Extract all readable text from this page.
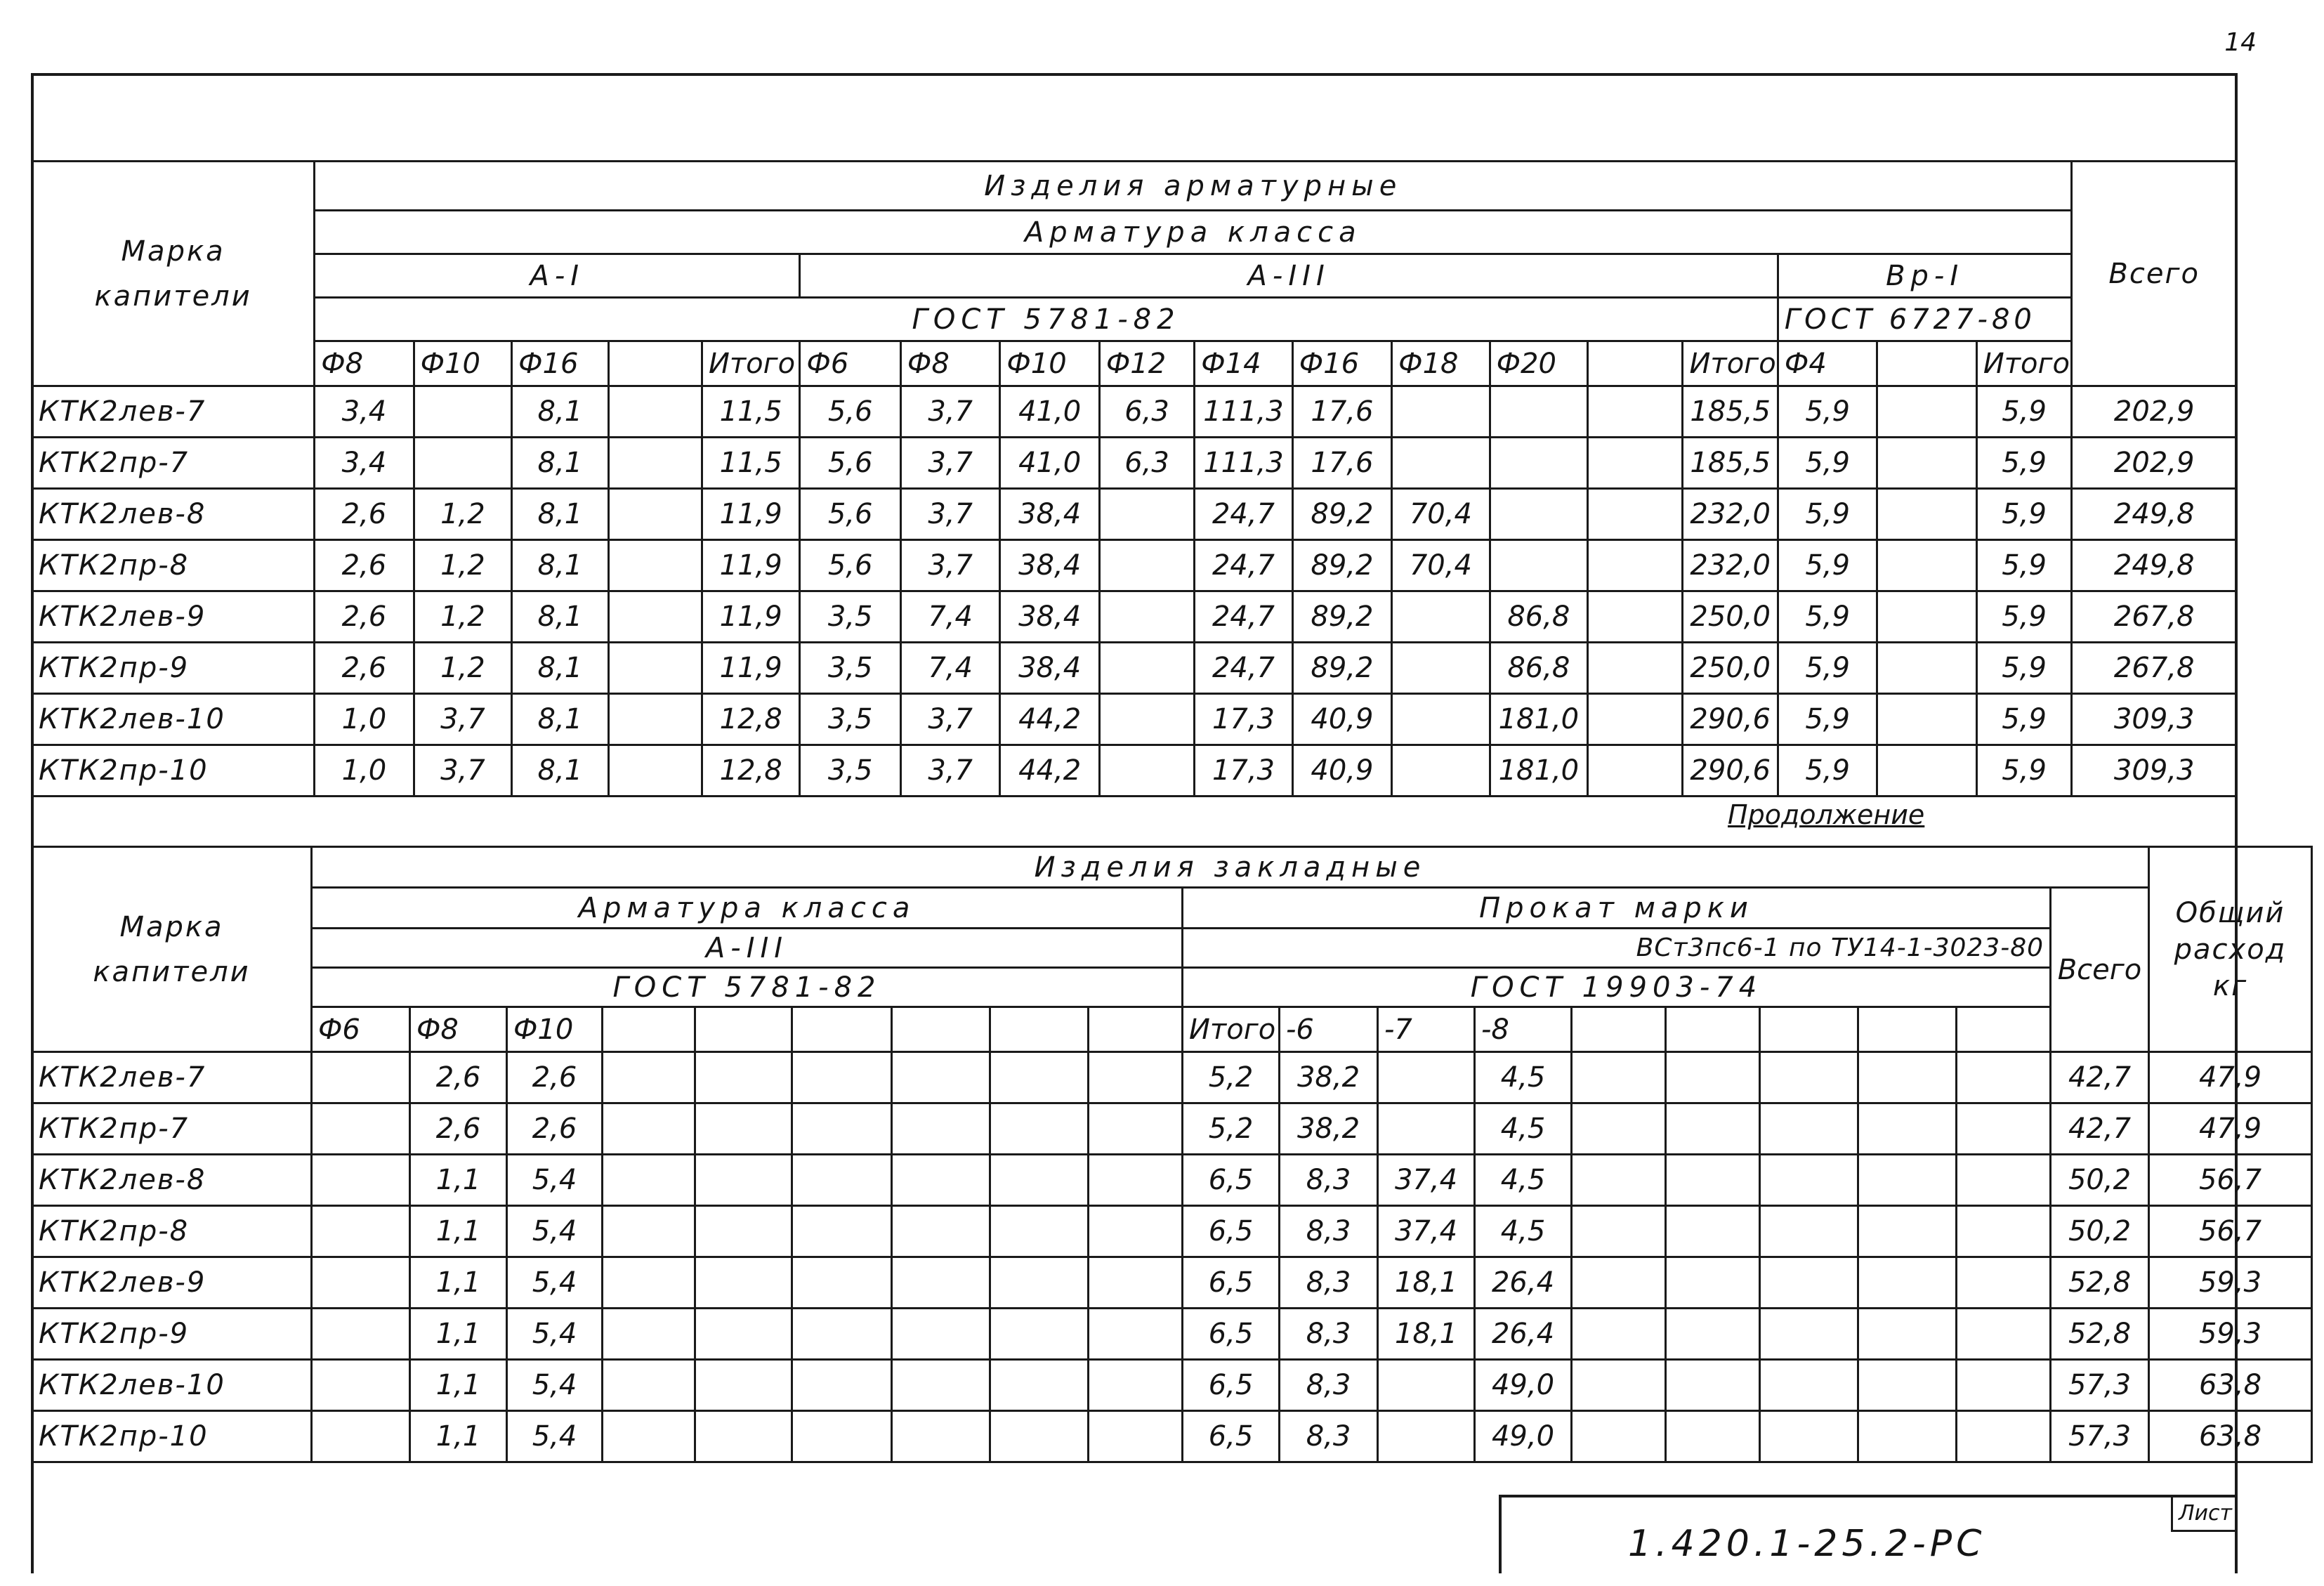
14
Марка капители	Изделия арматурные																		Всего
	Арматура класса																		
	А-I					А-III										Вр-I			
	ГОСТ 5781-82															ГОСТ 6727-80			
	Ф8	Ф10	Ф16		Итого	Ф6	Ф8	Ф10	Ф12	Ф14	Ф16	Ф18	Ф20		Итого	Ф4		Итого	
КТК2лев-7	3,4		8,1		11,5	5,6	3,7	41,0	6,3	111,3	17,6				185,5	5,9		5,9	202,9
КТК2пр-7	3,4		8,1		11,5	5,6	3,7	41,0	6,3	111,3	17,6				185,5	5,9		5,9	202,9
КТК2лев-8	2,6	1,2	8,1		11,9	5,6	3,7	38,4		24,7	89,2	70,4			232,0	5,9		5,9	249,8
КТК2пр-8	2,6	1,2	8,1		11,9	5,6	3,7	38,4		24,7	89,2	70,4			232,0	5,9		5,9	249,8
КТК2лев-9	2,6	1,2	8,1		11,9	3,5	7,4	38,4		24,7	89,2		86,8		250,0	5,9		5,9	267,8
КТК2пр-9	2,6	1,2	8,1		11,9	3,5	7,4	38,4		24,7	89,2		86,8		250,0	5,9		5,9	267,8
КТК2лев-10	1,0	3,7	8,1		12,8	3,5	3,7	44,2		17,3	40,9		181,0		290,6	5,9		5,9	309,3
КТК2пр-10	1,0	3,7	8,1		12,8	3,5	3,7	44,2		17,3	40,9		181,0		290,6	5,9		5,9	309,3
Продолжение
Марка капители	Изделия закладные																			Общий расход кг	
	Арматура класса									Прокат марки									Всего		
	А-III									ВСт3пс6-1 по ТУ14-1-3023-80											
	ГОСТ 5781-82									ГОСТ 19903-74											
	Ф6	Ф8	Ф10							Итого	-6	-7	-8						
КТК2лев-7		2,6	2,6							5,2	38,2		4,5						42,7	47,9	
КТК2пр-7		2,6	2,6							5,2	38,2		4,5						42,7	47,9	
КТК2лев-8		1,1	5,4							6,5	8,3	37,4	4,5						50,2	56,7	
КТК2пр-8		1,1	5,4							6,5	8,3	37,4	4,5						50,2	56,7	
КТК2лев-9		1,1	5,4							6,5	8,3	18,1	26,4						52,8	59,3	
КТК2пр-9		1,1	5,4							6,5	8,3	18,1	26,4						52,8	59,3	
КТК2лев-10		1,1	5,4							6,5	8,3		49,0						57,3	63,8	
КТК2пр-10		1,1	5,4							6,5	8,3		49,0						57,3	63,8	
1.420.1-25.2-РС
Лист
